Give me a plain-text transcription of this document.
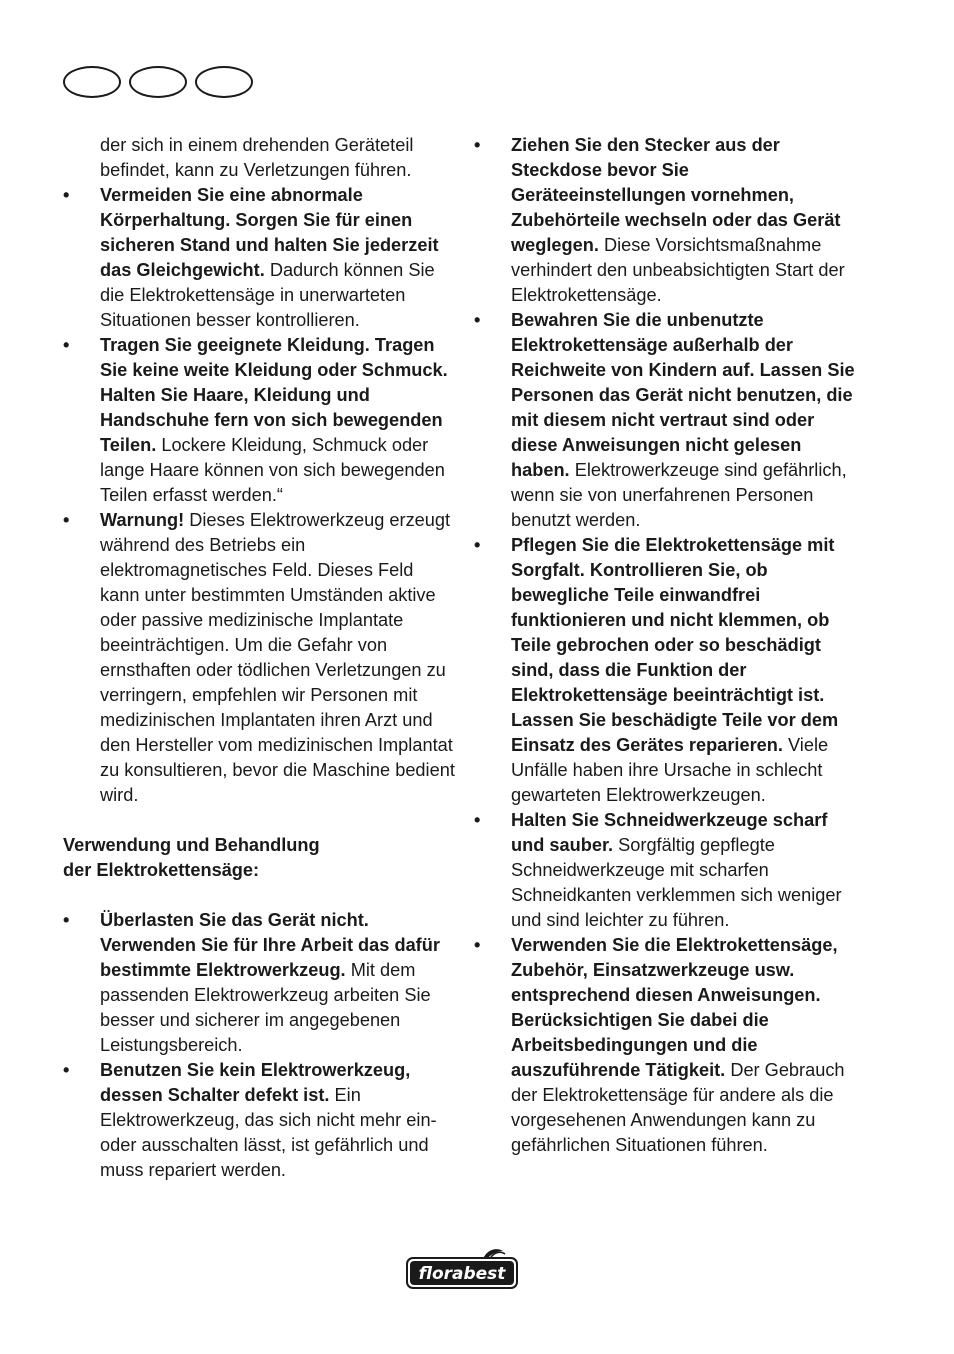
der sich in einem drehenden Geräteteil befindet, kann zu Verletzungen führen.
• Vermeiden Sie eine abnormale Körperhaltung. Sorgen Sie für einen sicheren Stand und halten Sie jederzeit das Gleichgewicht. Dadurch können Sie die Elektrokettensäge in unerwarteten Situationen besser kontrollieren.
• Tragen Sie geeignete Kleidung. Tragen Sie keine weite Kleidung oder Schmuck. Halten Sie Haare, Kleidung und Handschuhe fern von sich bewegenden Teilen. Lockere Kleidung, Schmuck oder lange Haare können von sich bewegenden Teilen erfasst werden.“
• Warnung! Dieses Elektrowerkzeug erzeugt während des Betriebs ein elektromagnetisches Feld. Dieses Feld kann unter bestimmten Umständen aktive oder passive medizinische Implantate beeinträchtigen. Um die Gefahr von ernsthaften oder tödlichen Verletzungen zu verringern, empfehlen wir Personen mit medizinischen Implantaten ihren Arzt und den Hersteller vom medizinischen Implantat zu konsultieren, bevor die Maschine bedient wird.
Verwendung und Behandlung
der Elektrokettensäge:
• Überlasten Sie das Gerät nicht. Verwenden Sie für Ihre Arbeit das dafür bestimmte Elektrowerkzeug. Mit dem passenden Elektrowerkzeug arbeiten Sie besser und sicherer im angegebenen Leistungsbereich.
• Benutzen Sie kein Elektrowerkzeug, dessen Schalter defekt ist. Ein Elektrowerkzeug, das sich nicht mehr ein- oder ausschalten lässt, ist gefährlich und muss repariert werden.
• Ziehen Sie den Stecker aus der Steckdose bevor Sie Geräteeinstellungen vornehmen, Zubehörteile wechseln oder das Gerät weglegen. Diese Vorsichtsmaßnahme verhindert den unbeabsichtigten Start der Elektrokettensäge.
• Bewahren Sie die unbenutzte Elektrokettensäge außerhalb der Reichweite von Kindern auf. Lassen Sie Personen das Gerät nicht benutzen, die mit diesem nicht vertraut sind oder diese Anweisungen nicht gelesen haben. Elektrowerkzeuge sind gefährlich, wenn sie von unerfahrenen Personen benutzt werden.
• Pflegen Sie die Elektrokettensäge mit Sorgfalt. Kontrollieren Sie, ob bewegliche Teile einwandfrei funktionieren und nicht klemmen, ob Teile gebrochen oder so beschädigt sind, dass die Funktion der Elektrokettensäge beeinträchtigt ist. Lassen Sie beschädigte Teile vor dem Einsatz des Gerätes reparieren. Viele Unfälle haben ihre Ursache in schlecht gewarteten Elektrowerkzeugen.
• Halten Sie Schneidwerkzeuge scharf und sauber. Sorgfältig gepflegte Schneidwerkzeuge mit scharfen Schneidkanten verklemmen sich weniger und sind leichter zu führen.
• Verwenden Sie die Elektrokettensäge, Zubehör, Einsatzwerkzeuge usw. entsprechend diesen Anweisungen. Berücksichtigen Sie dabei die Arbeitsbedingungen und die auszuführende Tätigkeit. Der Gebrauch der Elektrokettensäge für andere als die vorgesehenen Anwendungen kann zu gefährlichen Situationen führen.
florabest
